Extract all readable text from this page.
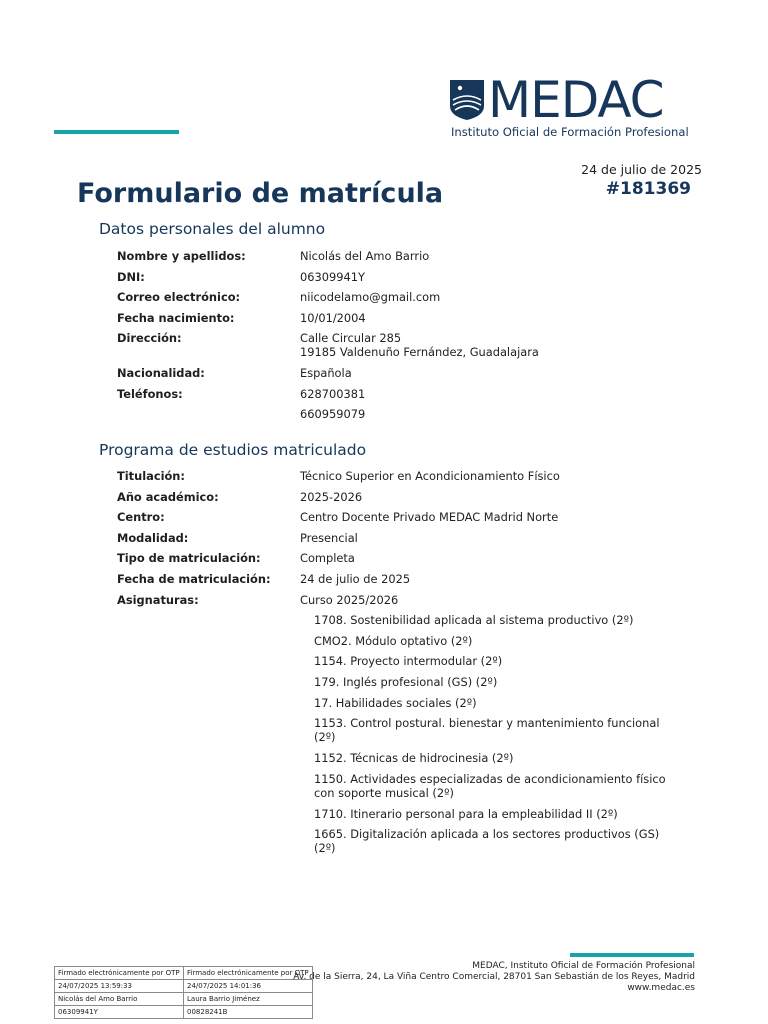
MEDAC
Instituto Oficial de Formación Profesional
24 de julio de 2025
#181369
Formulario de matrícula
Datos personales del alumno
Nombre y apellidos:	Nicolás del Amo Barrio
DNI:	06309941Y
Correo electrónico:	niicodelamo@gmail.com
Fecha nacimiento:	10/01/2004
Dirección:	Calle Circular 285
19185 Valdenuño Fernández, Guadalajara
Nacionalidad:	Española
Teléfonos:	628700381
660959079
Programa de estudios matriculado
Titulación:	Técnico Superior en Acondicionamiento Físico
Año académico:	2025-2026
Centro:	Centro Docente Privado MEDAC Madrid Norte
Modalidad:	Presencial
Tipo de matriculación:	Completa
Fecha de matriculación:	24 de julio de 2025
Asignaturas:	Curso 2025/2026
1708. Sostenibilidad aplicada al sistema productivo (2º)
CMO2. Módulo optativo (2º)
1154. Proyecto intermodular (2º)
179. Inglés profesional (GS) (2º)
17. Habilidades sociales (2º)
1153. Control postural. bienestar y mantenimiento funcional (2º)
1152. Técnicas de hidrocinesia (2º)
1150. Actividades especializadas de acondicionamiento físico con soporte musical (2º)
1710. Itinerario personal para la empleabilidad II (2º)
1665. Digitalización aplicada a los sectores productivos (GS) (2º)
MEDAC, Instituto Oficial de Formación Profesional
Av. de la Sierra, 24, La Viña Centro Comercial, 28701 San Sebastián de los Reyes, Madrid
www.medac.es
Firmado electrónicamente por OTP	Firmado electrónicamente por OTP
24/07/2025 13:59:33	24/07/2025 14:01:36
Nicolás del Amo Barrio	Laura Barrio Jiménez
06309941Y	00828241B
